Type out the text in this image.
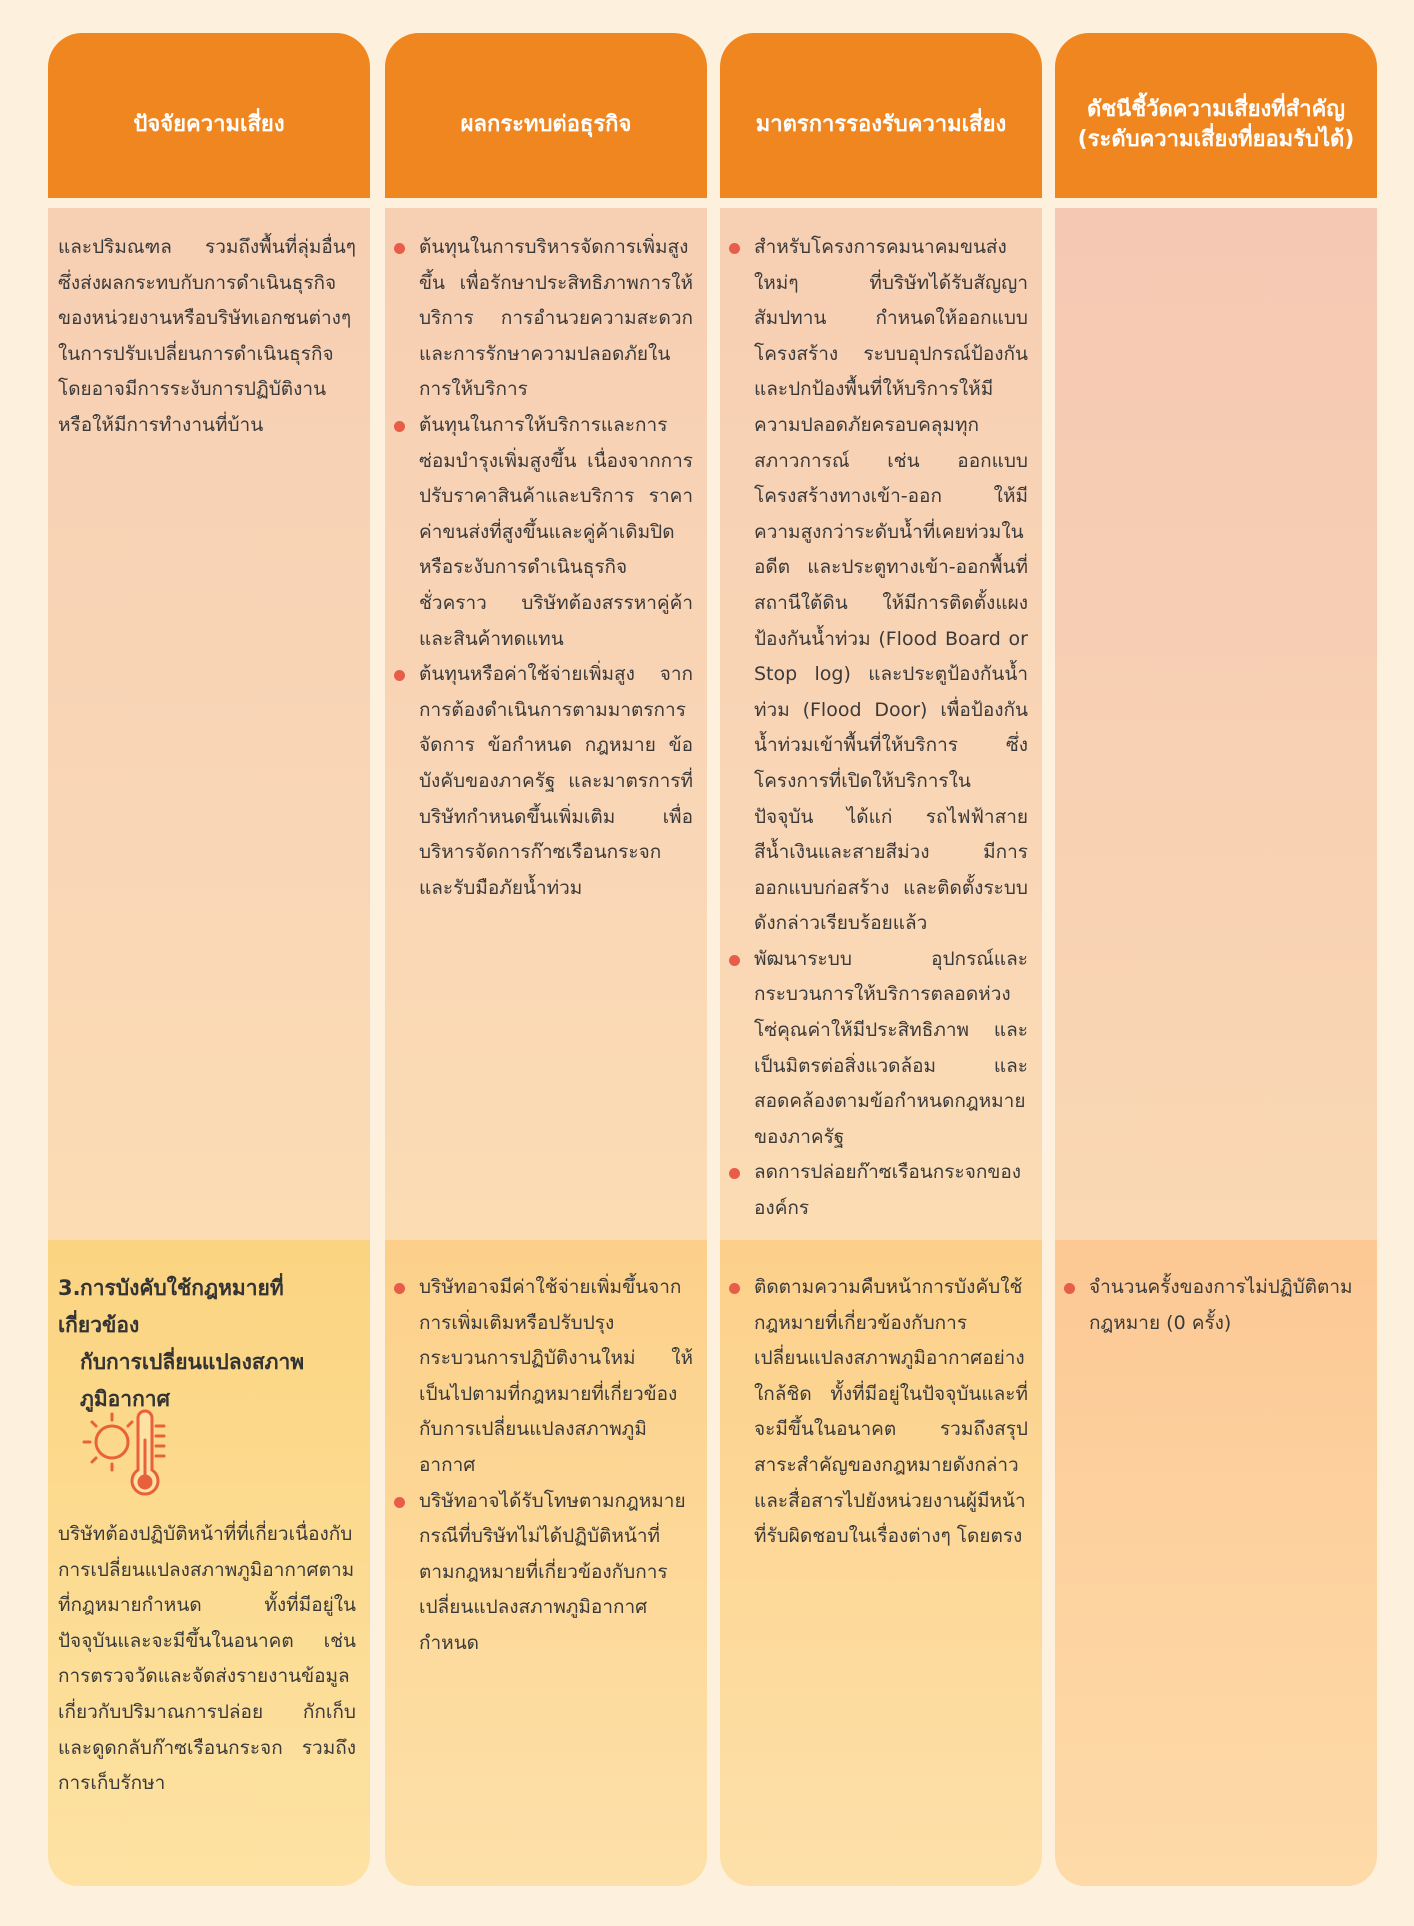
ปัจจัยความเสี่ยง	ผลกระทบต่อธุรกิจ	มาตรการรองรับความเสี่ยง
ดัชนีชี้วัดความเสี่ยงที่สำคัญ
(ระดับความเสี่ยงที่ยอมรับได้)
และปริมณฑล รวมถึงพื้นที่ลุ่มอื่นๆ ซึ่งส่งผลกระทบกับการดำเนินธุรกิจของหน่วยงานหรือบริษัทเอกชนต่างๆ ในการปรับเปลี่ยนการดำเนินธุรกิจ โดยอาจมีการระงับการปฏิบัติงานหรือให้มีการทำงานที่บ้าน
ต้นทุนในการบริหารจัดการเพิ่มสูงขึ้น เพื่อรักษาประสิทธิภาพการให้บริการ การอำนวยความสะดวก และการรักษาความปลอดภัยในการให้บริการ
ต้นทุนในการให้บริการและการซ่อมบำรุงเพิ่มสูงขึ้น เนื่องจากการปรับราคาสินค้าและบริการ ราคาค่าขนส่งที่สูงขึ้นและคู่ค้าเดิมปิดหรือระงับการดำเนินธุรกิจชั่วคราว บริษัทต้องสรรหาคู่ค้าและสินค้าทดแทน
ต้นทุนหรือค่าใช้จ่ายเพิ่มสูง จากการต้องดำเนินการตามมาตรการจัดการ ข้อกำหนด กฎหมาย ข้อบังคับของภาครัฐ และมาตรการที่บริษัทกำหนดขึ้นเพิ่มเติม เพื่อบริหารจัดการก๊าซเรือนกระจก และรับมือภัยน้ำท่วม
สำหรับโครงการคมนาคมขนส่งใหม่ๆ ที่บริษัทได้รับสัญญาสัมปทาน กำหนดให้ออกแบบโครงสร้าง ระบบอุปกรณ์ป้องกันและปกป้องพื้นที่ให้บริการให้มีความปลอดภัยครอบคลุมทุกสภาวการณ์ เช่น ออกแบบโครงสร้างทางเข้า-ออก ให้มีความสูงกว่าระดับน้ำที่เคยท่วมในอดีต และประตูทางเข้า-ออกพื้นที่สถานีใต้ดิน ให้มีการติดตั้งแผงป้องกันน้ำท่วม (Flood Board or Stop log) และประตูป้องกันน้ำท่วม (Flood Door) เพื่อป้องกันน้ำท่วมเข้าพื้นที่ให้บริการ ซึ่งโครงการที่เปิดให้บริการในปัจจุบัน ได้แก่ รถไฟฟ้าสายสีน้ำเงินและสายสีม่วง มีการออกแบบก่อสร้าง และติดตั้งระบบดังกล่าวเรียบร้อยแล้ว
พัฒนาระบบ อุปกรณ์และกระบวนการให้บริการตลอดห่วงโซ่คุณค่าให้มีประสิทธิภาพ และเป็นมิตรต่อสิ่งแวดล้อม และสอดคล้องตามข้อกำหนดกฎหมายของภาครัฐ
ลดการปล่อยก๊าซเรือนกระจกขององค์กร
3.การบังคับใช้กฎหมายที่เกี่ยวข้อง
กับการเปลี่ยนแปลงสภาพ
ภูมิอากาศ
บริษัทต้องปฏิบัติหน้าที่ที่เกี่ยวเนื่องกับการเปลี่ยนแปลงสภาพภูมิอากาศตามที่กฎหมายกำหนด ทั้งที่มีอยู่ในปัจจุบันและจะมีขึ้นในอนาคต เช่น การตรวจวัดและจัดส่งรายงานข้อมูลเกี่ยวกับปริมาณการปล่อย กักเก็บ และดูดกลับก๊าซเรือนกระจก รวมถึงการเก็บรักษา
บริษัทอาจมีค่าใช้จ่ายเพิ่มขึ้นจากการเพิ่มเติมหรือปรับปรุงกระบวนการปฏิบัติงานใหม่ ให้เป็นไปตามที่กฎหมายที่เกี่ยวข้องกับการเปลี่ยนแปลงสภาพภูมิอากาศ
บริษัทอาจได้รับโทษตามกฎหมายกรณีที่บริษัทไม่ได้ปฏิบัติหน้าที่ตามกฎหมายที่เกี่ยวข้องกับการเปลี่ยนแปลงสภาพภูมิอากาศกำหนด
ติดตามความคืบหน้าการบังคับใช้กฎหมายที่เกี่ยวข้องกับการเปลี่ยนแปลงสภาพภูมิอากาศอย่างใกล้ชิด ทั้งที่มีอยู่ในปัจจุบันและที่จะมีขึ้นในอนาคต รวมถึงสรุปสาระสำคัญของกฎหมายดังกล่าวและสื่อสารไปยังหน่วยงานผู้มีหน้าที่รับผิดชอบในเรื่องต่างๆ โดยตรง
จำนวนครั้งของการไม่ปฏิบัติตามกฎหมาย (0 ครั้ง)
